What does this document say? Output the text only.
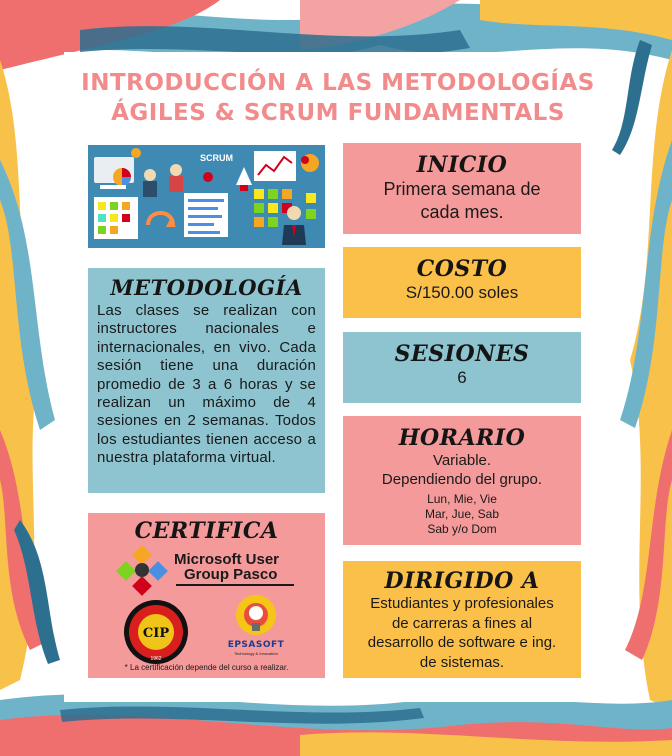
INTRODUCCIÓN A LAS METODOLOGÍAS
ÁGILES & SCRUM FUNDAMENTALS
SCRUM	INICIO
Primera semana de
cada mes.
COSTO
S/150.00 soles
SESIONES
6
HORARIO
Variable.
Dependiendo del grupo.
Lun, Mie, Vie
Mar, Jue, Sab
Sab y/o Dom
METODOLOGÍA
Las clases se realizan con instructores nacionales e internacionales, en vivo. Cada sesión tiene una duración promedio de 3 a 6 horas y se realizan un máximo de 4 sesiones en 2 semanas. Todos los estudiantes tienen acceso a nuestra plataforma virtual.
CERTIFICA
Microsoft User
Group Pasco
CIP
1962
EPSASOFT
Technology & Innovation
* La certificación depende del curso a realizar.
DIRIGIDO A
Estudiantes y profesionales
de carreras a fines al
desarrollo de software e ing.
de sistemas.
